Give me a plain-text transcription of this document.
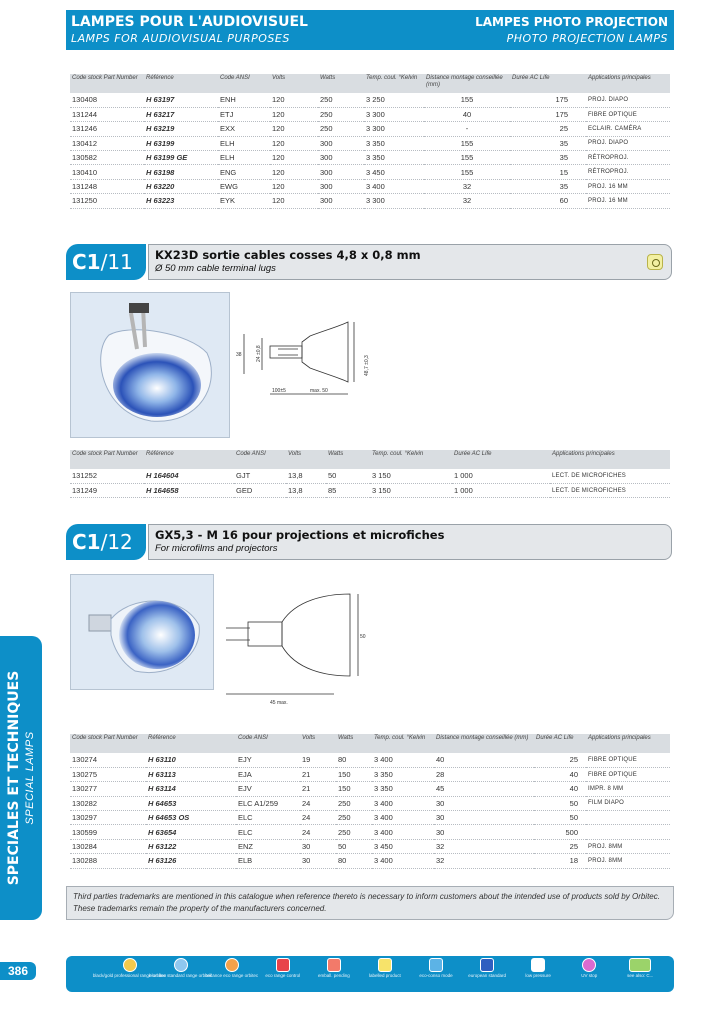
LAMPES POUR L'AUDIOVISUEL
LAMPS FOR AUDIOVISUAL PURPOSES
LAMPES PHOTO PROJECTION
PHOTO PROJECTION LAMPS
Code stock Part Number	Référence	Code ANSI	Volts	Watts	Temp. coul. °Kelvin	Distance montage conseillée (mm)	Durée AC Life	Applications principales
130408	H 63197	ENH	120	250	3 250	155	175	PROJ. DIAPO
131244	H 63217	ETJ	120	250	3 300	40	175	FIBRE OPTIQUE
131246	H 63219	EXX	120	250	3 300	-	25	ECLAIR. CAMÉRA
130412	H 63199	ELH	120	300	3 350	155	35	PROJ. DIAPO
130582	H 63199 GE	ELH	120	300	3 350	155	35	RÉTROPROJ.
130410	H 63198	ENG	120	300	3 450	155	15	RÉTROPROJ.
131248	H 63220	EWG	120	300	3 400	32	35	PROJ. 16 MM
131250	H 63223	EYK	120	300	3 300	32	60	PROJ. 16 MM
C1/11	KX23D sortie cables cosses 4,8 x 0,8 mm
Ø 50 mm cable terminal lugs
38	24 ±0,8
48,7 ±0,3
100±5	max. 50
Code stock Part Number	Référence	Code ANSI	Volts	Watts	Temp. coul. °Kelvin	Durée AC Life	Applications principales
131252	H 164604	GJT	13,8	50	3 150	1 000	LECT. DE MICROFICHES
131249	H 164658	GED	13,8	85	3 150	1 000	LECT. DE MICROFICHES
C1/12	GX5,3 - M 16 pour projections et microfiches
For microfilms and projectors
50
45 max.
Code stock Part Number	Référence	Code ANSI	Volts	Watts	Temp. coul. °Kelvin	Distance montage conseillée (mm)	Durée AC Life	Applications principales
130274	H 63110	EJY	19	80	3 400	40	25	FIBRE OPTIQUE
130275	H 63113	EJA	21	150	3 350	28	40	FIBRE OPTIQUE
130277	H 63114	EJV	21	150	3 350	45	40	IMPR. 8 MM
130282	H 64653	ELC A1/259	24	250	3 400	30	50	FILM DIAPO
130297	H 64653 OS	ELC	24	250	3 400	30	50	
130599	H 63654	ELC	24	250	3 400	30	500	
130284	H 63122	ENZ	30	50	3 450	32	25	PROJ. 8MM
130288	H 63126	ELB	30	80	3 400	32	18	PROJ. 8MM
SPECIALES ET TECHNIQUES SPECIAL LAMPS
Third parties trademarks are mentioned in this catalogue when reference thereto is necessary to inform customers about the intended use of products sold by Orbitec. These trademarks remain the property of the manufacturers concerned.
386	black/gold professional range orbitec
blue line standard range orbitec
brillance eco range orbitec eco range control	emball. pending	labelled product	eco-conso mode	european standard	low pressure	UV stop	see also: C...
